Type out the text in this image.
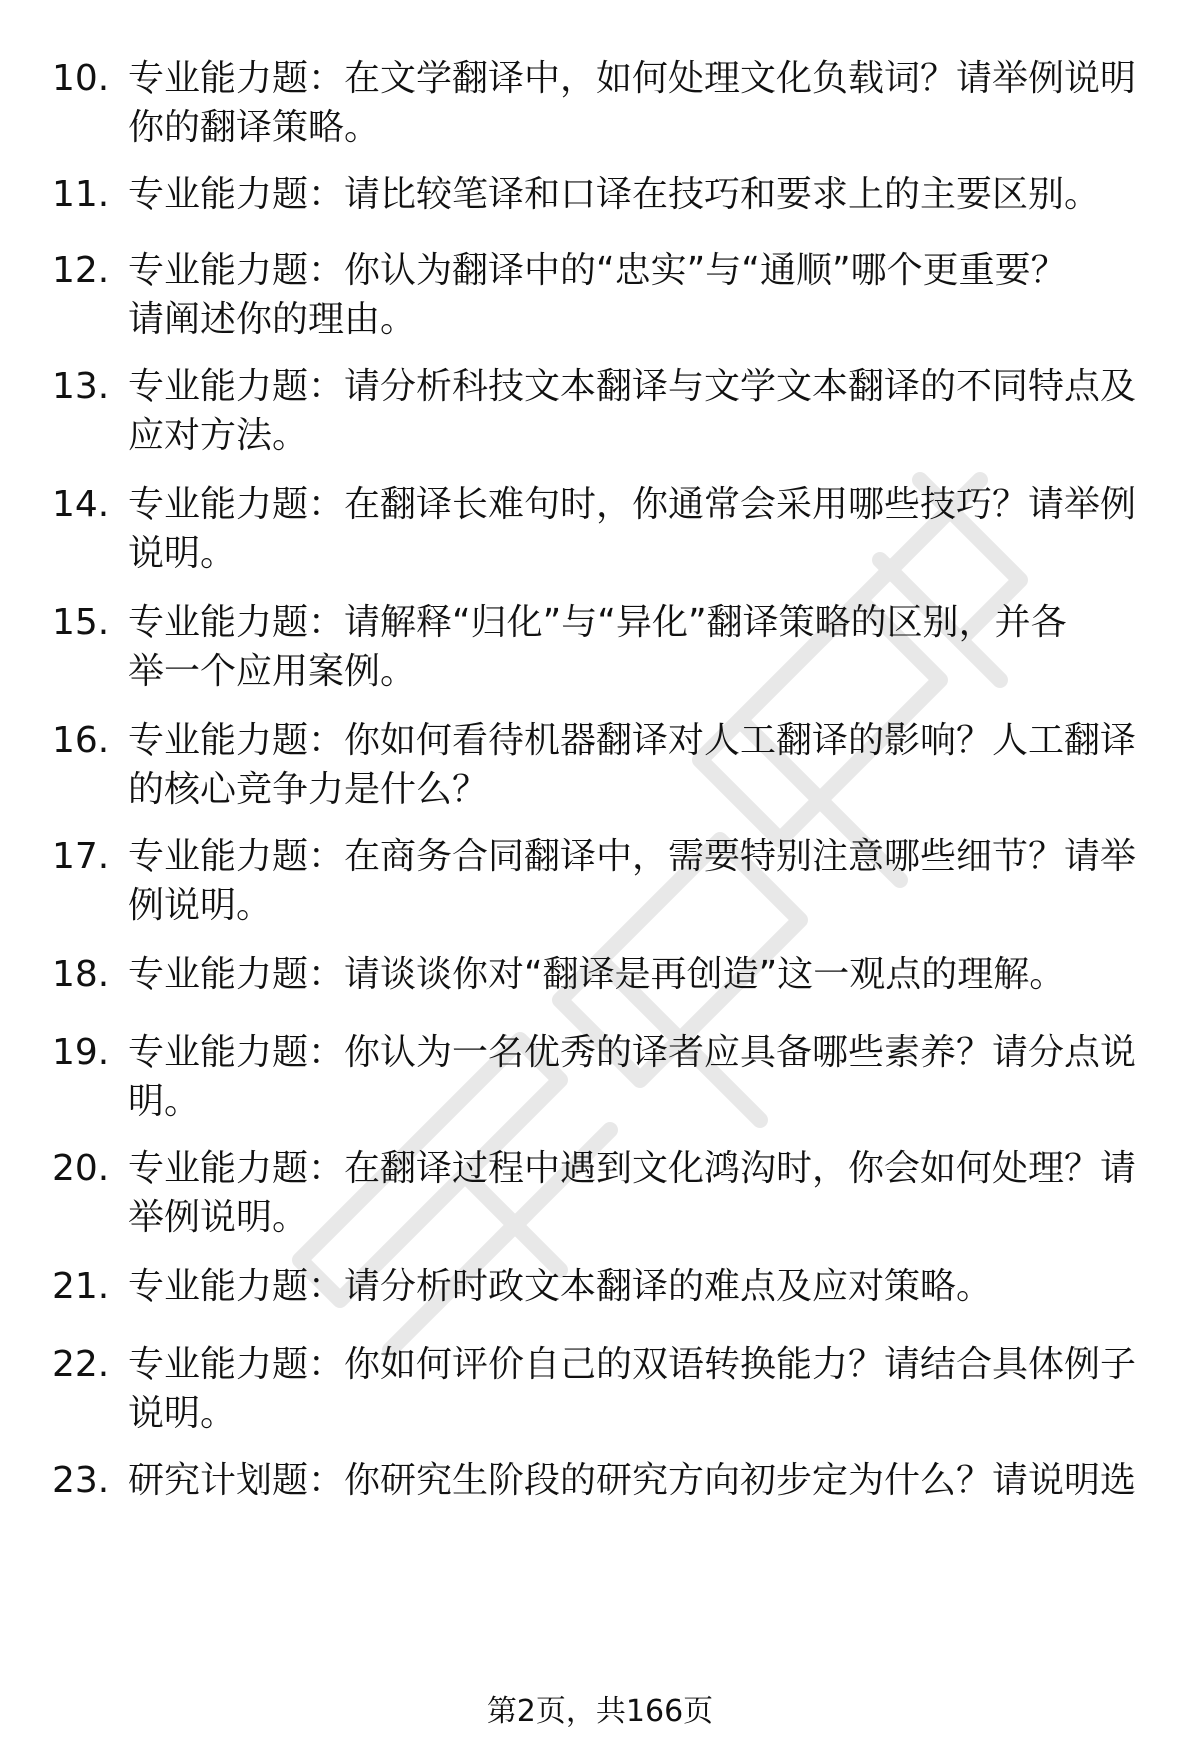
10. 专业能力题：在文学翻译中，如何处理文化负载词？请举例说明
你的翻译策略。
11. 专业能力题：请比较笔译和口译在技巧和要求上的主要区别。
12. 专业能力题：你认为翻译中的“忠实”与“通顺”哪个更重要？
请阐述你的理由。
13. 专业能力题：请分析科技文本翻译与文学文本翻译的不同特点及
应对方法。
14. 专业能力题：在翻译长难句时，你通常会采用哪些技巧？请举例
说明。
15. 专业能力题：请解释“归化”与“异化”翻译策略的区别，并各
举一个应用案例。
16. 专业能力题：你如何看待机器翻译对人工翻译的影响？人工翻译
的核心竞争力是什么？
17. 专业能力题：在商务合同翻译中，需要特别注意哪些细节？请举
例说明。
18. 专业能力题：请谈谈你对“翻译是再创造”这一观点的理解。
19. 专业能力题：你认为一名优秀的译者应具备哪些素养？请分点说
明。
20. 专业能力题：在翻译过程中遇到文化鸿沟时，你会如何处理？请
举例说明。
21. 专业能力题：请分析时政文本翻译的难点及应对策略。
22. 专业能力题：你如何评价自己的双语转换能力？请结合具体例子
说明。
23. 研究计划题：你研究生阶段的研究方向初步定为什么？请说明选
第2页，共166页
